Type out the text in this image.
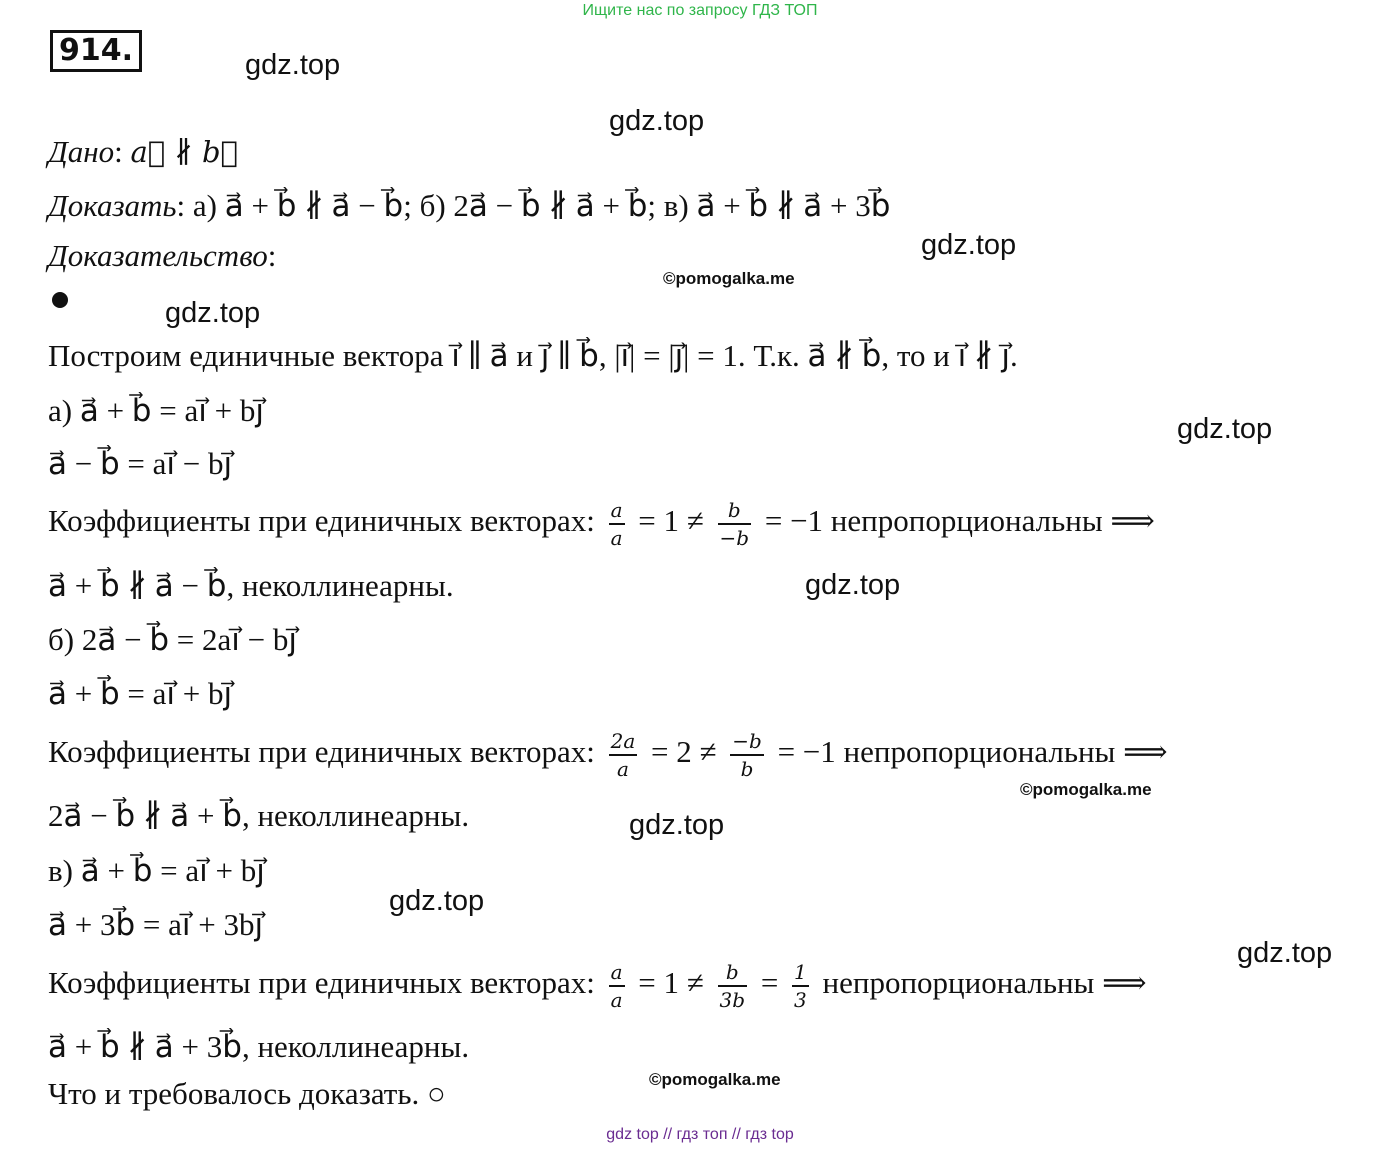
Ищите нас по запросу ГДЗ ТОП
914.	gdz.top
gdz.top
gdz.top
©pomogalka.me
gdz.top
gdz.top
gdz.top
©pomogalka.me
gdz.top
gdz.top
gdz.top
©pomogalka.me
Дано: a⃗ ∦ b⃗
Доказать: а) a⃗ + b⃗ ∦ a⃗ − b⃗; б) 2a⃗ − b⃗ ∦ a⃗ + b⃗; в) a⃗ + b⃗ ∦ a⃗ + 3b⃗
Доказательство:
Построим единичные вектора i⃗ ∥ a⃗ и j⃗ ∥ b⃗, |i⃗| = |j⃗| = 1. Т.к. a⃗ ∦ b⃗, то и i⃗ ∦ j⃗.
а) a⃗ + b⃗ = ai⃗ + bj⃗
a⃗ − b⃗ = ai⃗ − bj⃗
Коэффициенты при единичных векторах: $\frac{a}{a} = 1 \ne \frac{b}{-b} = -1$ непропорциональны ⟹
a⃗ + b⃗ ∦ a⃗ − b⃗, неколлинеарны.
б) 2a⃗ − b⃗ = 2ai⃗ − bj⃗
a⃗ + b⃗ = ai⃗ + bj⃗
Коэффициенты при единичных векторах: $\frac{2a}{a} = 2 \ne \frac{-b}{b} = -1$ непропорциональны ⟹
2a⃗ − b⃗ ∦ a⃗ + b⃗, неколлинеарны.
в) a⃗ + b⃗ = ai⃗ + bj⃗
a⃗ + 3b⃗ = ai⃗ + 3bj⃗
Коэффициенты при единичных векторах: $\frac{a}{a} = 1 \ne \frac{b}{3b} = \frac{1}{3}$ непропорциональны ⟹
a⃗ + b⃗ ∦ a⃗ + 3b⃗, неколлинеарны.
Что и требовалось доказать. ○
gdz top // гдз топ // гдз top
